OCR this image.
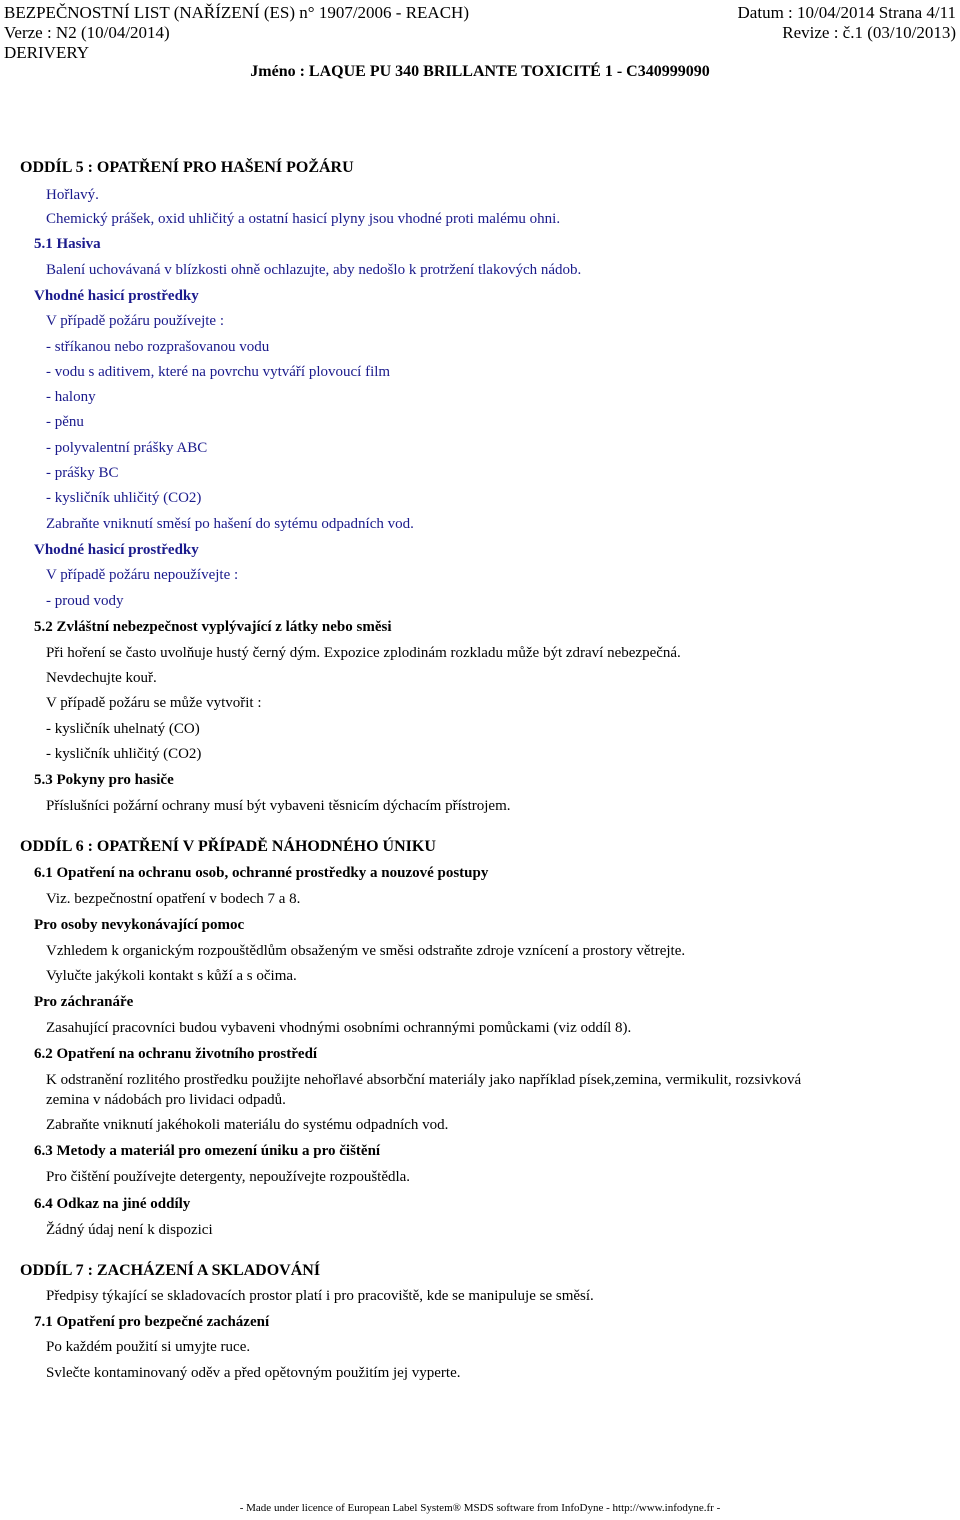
BEZPEČNOSTNÍ LIST (NAŘÍZENÍ (ES) n° 1907/2006 - REACH)	Datum : 10/04/2014 Strana 4/11
Verze : N2 (10/04/2014)	Revize : č.1 (03/10/2013)
DERIVERY
Jméno : LAQUE PU 340 BRILLANTE TOXICITÉ 1 - C340999090
ODDÍL 5 : OPATŘENÍ PRO HAŠENÍ POŽÁRU
Hořlavý.
Chemický prášek, oxid uhličitý a ostatní hasicí plyny jsou vhodné proti malému ohni.
5.1 Hasiva
Balení uchovávaná v blízkosti ohně ochlazujte, aby nedošlo k protržení tlakových nádob.
Vhodné hasicí prostředky
V případě požáru používejte :
- stříkanou nebo rozprašovanou vodu
- vodu s aditivem, které na povrchu vytváří plovoucí film
- halony
- pěnu
- polyvalentní prášky ABC
- prášky BC
- kysličník uhličitý (CO2)
Zabraňte vniknutí směsí po hašení do sytému odpadních vod.
Vhodné hasicí prostředky
V případě požáru nepoužívejte :
- proud vody
5.2 Zvláštní nebezpečnost vyplývající z látky nebo směsi
Při hoření se často uvolňuje hustý černý dým. Expozice zplodinám rozkladu může být zdraví nebezpečná.
Nevdechujte kouř.
V případě požáru se může vytvořit :
- kysličník uhelnatý (CO)
- kysličník uhličitý (CO2)
5.3 Pokyny pro hasiče
Příslušníci požární ochrany musí být vybaveni těsnicím dýchacím přístrojem.
ODDÍL 6 : OPATŘENÍ V PŘÍPADĚ NÁHODNÉHO ÚNIKU
6.1 Opatření na ochranu osob, ochranné prostředky a nouzové postupy
Viz. bezpečnostní opatření v bodech 7 a 8.
Pro osoby nevykonávající pomoc
Vzhledem k organickým rozpouštědlům obsaženým ve směsi odstraňte zdroje vznícení a prostory větrejte.
Vylučte jakýkoli kontakt s kůží a s očima.
Pro záchranáře
Zasahující pracovníci budou vybaveni vhodnými osobními ochrannými pomůckami (viz oddíl 8).
6.2 Opatření na ochranu životního prostředí
K odstranění rozlitého prostředku použijte nehořlavé absorbční materiály jako například písek,zemina, vermikulit, rozsivková
zemina v nádobách pro lividaci odpadů.
Zabraňte vniknutí jakéhokoli materiálu do systému odpadních vod.
6.3 Metody a materiál pro omezení úniku a pro čištění
Pro čištění používejte detergenty, nepoužívejte rozpouštědla.
6.4 Odkaz na jiné oddíly
Žádný údaj není k dispozici
ODDÍL 7 : ZACHÁZENÍ A SKLADOVÁNÍ
Předpisy týkající se skladovacích prostor platí i pro pracoviště, kde se manipuluje se směsí.
7.1 Opatření pro bezpečné zacházení
Po každém použití si umyjte ruce.
Svlečte kontaminovaný oděv a před opětovným použitím jej vyperte.
- Made under licence of European Label System® MSDS software from InfoDyne - http://www.infodyne.fr -
